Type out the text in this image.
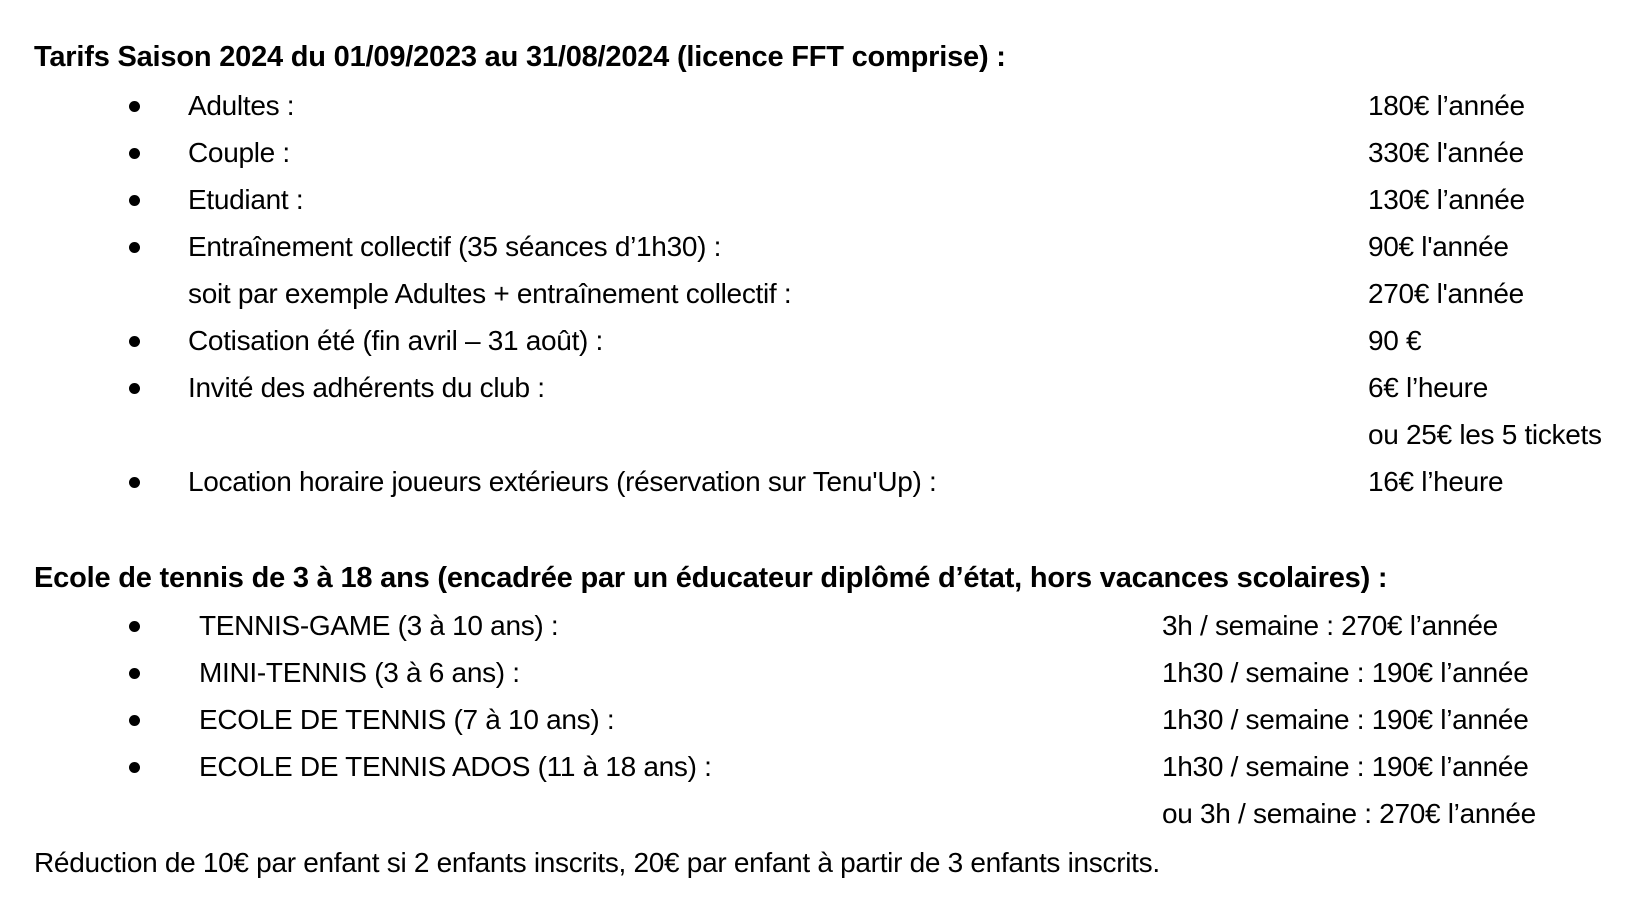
Tarifs Saison 2024 du 01/09/2023 au 31/08/2024 (licence FFT comprise) :
Adultes :	180€ l’année
Couple :	330€ l'année
Etudiant :	130€ l’année
Entraînement collectif (35 séances d’1h30) :	90€ l'année
soit par exemple Adultes + entraînement collectif :	270€ l'année
Cotisation été (fin avril – 31 août) :	90 €
Invité des adhérents du club :	6€ l’heure
ou 25€ les 5 tickets
Location horaire joueurs extérieurs (réservation sur Tenu'Up) :	16€ l’heure
Ecole de tennis de 3 à 18 ans (encadrée par un éducateur diplômé d’état, hors vacances scolaires) :
TENNIS-GAME (3 à 10 ans) :	3h / semaine : 270€ l’année
MINI-TENNIS (3 à 6 ans) :	1h30 / semaine : 190€ l’année
ECOLE DE TENNIS (7 à 10 ans) :	1h30 / semaine : 190€ l’année
ECOLE DE TENNIS ADOS (11 à 18 ans) :	1h30 / semaine : 190€ l’année
ou 3h / semaine : 270€ l’année
Réduction de 10€ par enfant si 2 enfants inscrits, 20€ par enfant à partir de 3 enfants inscrits.
